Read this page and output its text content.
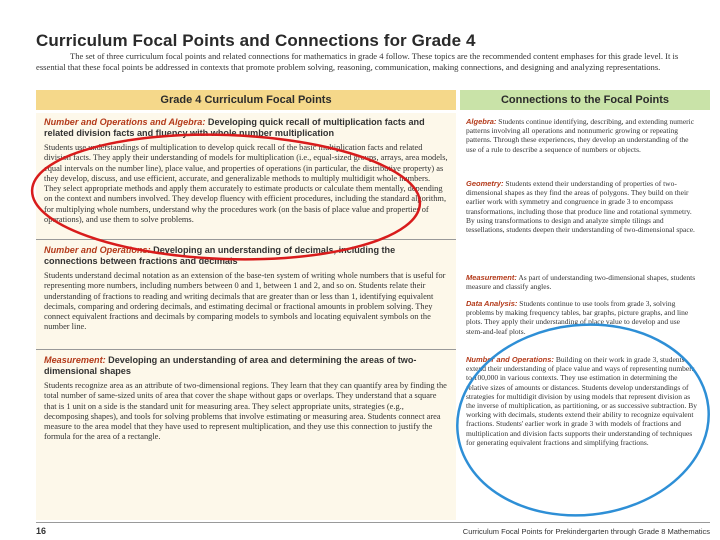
Curriculum Focal Points and Connections for Grade 4

The set of three curriculum focal points and related connections for mathematics in grade 4 follow. These topics are the recommended content emphases for this grade level. It is essential that these focal points be addressed in contexts that promote problem solving, reasoning, communication, making connections, and designing and analyzing representations.

Grade 4 Curriculum Focal Points	Connections to the Focal Points

Number and Operations and Algebra: Developing quick recall of multiplication facts and related division facts and fluency with whole number multiplication

Students use understandings of multiplication to develop quick recall of the basic multiplication facts and related division facts. They apply their understanding of models for multiplication (i.e., equal-sized groups, arrays, area models, equal intervals on the number line), place value, and properties of operations (in particular, the distributive property) as they develop, discuss, and use efficient, accurate, and generalizable methods to multiply multidigit whole numbers. They select appropriate methods and apply them accurately to estimate products or calculate them mentally, depending on the context and numbers involved. They develop fluency with efficient procedures, including the standard algorithm, for multiplying whole numbers, understand why the procedures work (on the basis of place value and properties of operations), and use them to solve problems.

Number and Operations: Developing an understanding of decimals, including the connections between fractions and decimals

Students understand decimal notation as an extension of the base-ten system of writing whole numbers that is useful for representing more numbers, including numbers between 0 and 1, between 1 and 2, and so on. Students relate their understanding of fractions to reading and writing decimals that are greater than or less than 1, identifying equivalent decimals, comparing and ordering decimals, and estimating decimal or fractional amounts in problem solving. They connect equivalent fractions and decimals by comparing models to symbols and locating equivalent symbols on the number line.

Measurement: Developing an understanding of area and determining the areas of two-dimensional shapes

Students recognize area as an attribute of two-dimensional regions. They learn that they can quantify area by finding the total number of same-sized units of area that cover the shape without gaps or overlaps. They understand that a square that is 1 unit on a side is the standard unit for measuring area. They select appropriate units, strategies (e.g., decomposing shapes), and tools for solving problems that involve estimating or measuring area. Students connect area measure to the area model that they have used to represent multiplication, and they use this connection to justify the formula for the area of a rectangle.

Algebra: Students continue identifying, describing, and extending numeric patterns involving all operations and nonnumeric growing or repeating patterns. Through these experiences, they develop an understanding of the use of a rule to describe a sequence of numbers or objects.

Geometry: Students extend their understanding of properties of two-dimensional shapes as they find the areas of polygons. They build on their earlier work with symmetry and congruence in grade 3 to encompass transformations, including those that produce line and rotational symmetry. By using transformations to design and analyze simple tilings and tessellations, students deepen their understanding of two-dimensional space.

Measurement: As part of understanding two-dimensional shapes, students measure and classify angles.

Data Analysis: Students continue to use tools from grade 3, solving problems by making frequency tables, bar graphs, picture graphs, and line plots. They apply their understanding of place value to develop and use stem-and-leaf plots.

Number and Operations: Building on their work in grade 3, students extend their understanding of place value and ways of representing numbers to 100,000 in various contexts. They use estimation in determining the relative sizes of amounts or distances. Students develop understandings of strategies for multidigit division by using models that represent division as the inverse of multiplication, as partitioning, or as successive subtraction. By working with decimals, students extend their ability to recognize equivalent fractions. Students' earlier work in grade 3 with models of fractions and multiplication and division facts supports their understanding of techniques for generating equivalent fractions and simplifying fractions.

16	Curriculum Focal Points for Prekindergarten through Grade 8 Mathematics
